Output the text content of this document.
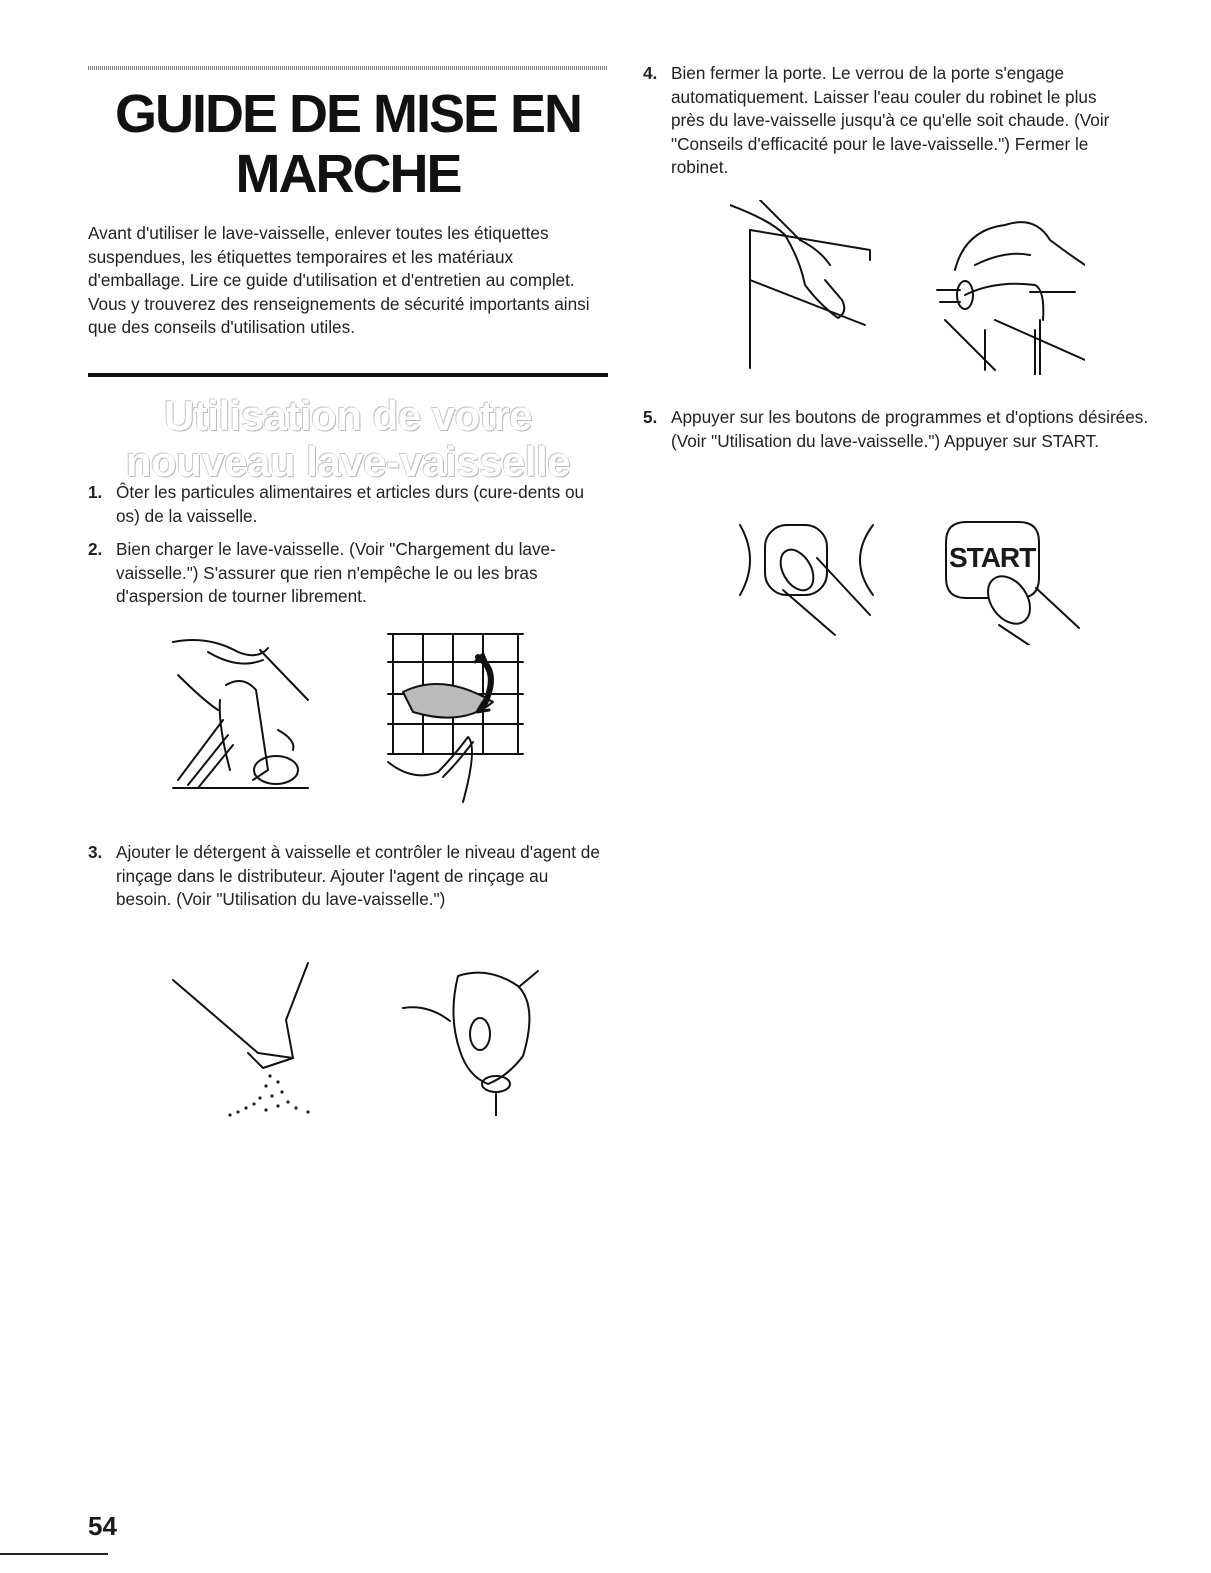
GUIDE DE MISE EN MARCHE

Avant d'utiliser le lave-vaisselle, enlever toutes les étiquettes suspendues, les étiquettes temporaires et les matériaux d'emballage. Lire ce guide d'utilisation et d'entretien au complet. Vous y trouverez des renseignements de sécurité importants ainsi que des conseils d'utilisation utiles.

Utilisation de votre nouveau lave-vaisselle
1. Ôter les particules alimentaires et articles durs (cure-dents ou os) de la vaisselle.
2. Bien charger le lave-vaisselle. (Voir "Chargement du lave-vaisselle.") S'assurer que rien n'empêche le ou les bras d'aspersion de tourner librement.
3. Ajouter le détergent à vaisselle et contrôler le niveau d'agent de rinçage dans le distributeur. Ajouter l'agent de rinçage au besoin. (Voir "Utilisation du lave-vaisselle.")
4. Bien fermer la porte. Le verrou de la porte s'engage automatiquement. Laisser l'eau couler du robinet le plus près du lave-vaisselle jusqu'à ce qu'elle soit chaude. (Voir "Conseils d'efficacité pour le lave-vaisselle.") Fermer le robinet.
5. Appuyer sur les boutons de programmes et d'options désirées. (Voir "Utilisation du lave-vaisselle.") Appuyer sur START.
START

54
